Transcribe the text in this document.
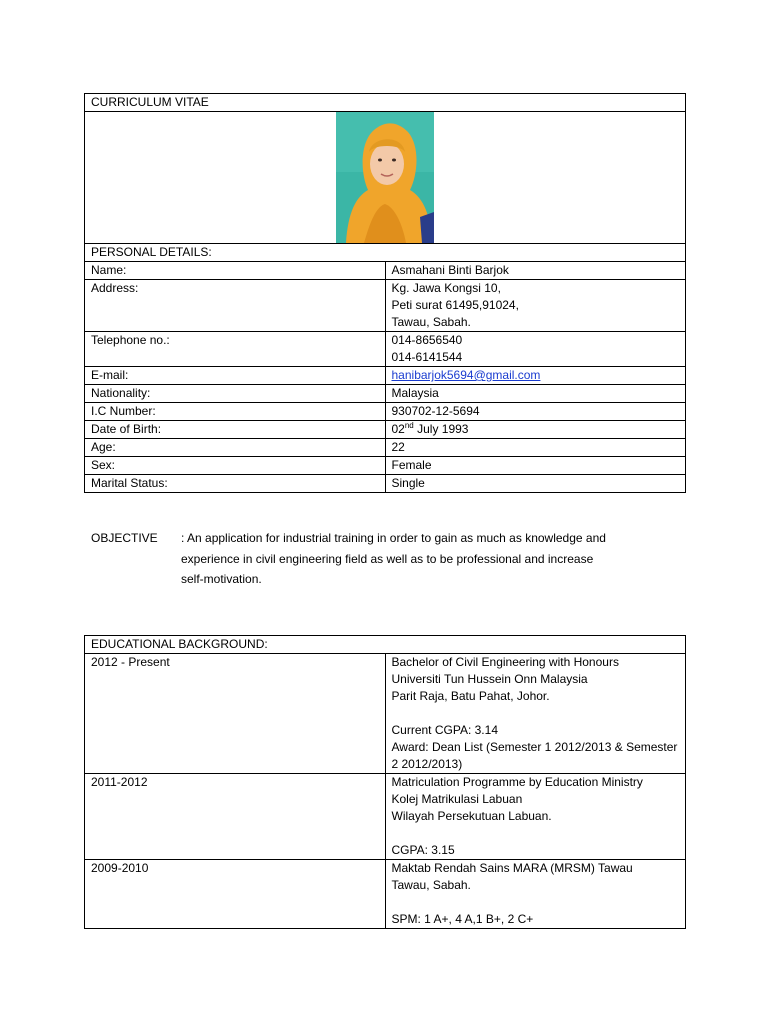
CURRICULUM VITAE	

PERSONAL DETAILS:	
Name:	Asmahani Binti Barjok
Address:	Kg. Jawa Kongsi 10,
Peti surat 61495,91024,
Tawau, Sabah.

Telephone no.:	014-8656540
014-6141544

E-mail:	hanibarjok5694@gmail.com
Nationality:	Malaysia
I.C Number:	930702-12-5694
Date of Birth:	02nd July 1993
Age:	22
Sex:	Female
Marital Status:	Single
OBJECTIVE	: An application for industrial training in order to gain as much as knowledge and
experience in civil engineering field as well as to be professional and increase
self-motivation.
EDUCATIONAL BACKGROUND:	
2012 - Present	Bachelor of Civil Engineering with Honours
Universiti Tun Hussein Onn Malaysia
Parit Raja, Batu Pahat, Johor.
Current CGPA: 3.14
Award: Dean List (Semester 1 2012/2013 & Semester 2 2012/2013)

2011-2012	Matriculation Programme by Education Ministry
Kolej Matrikulasi Labuan
Wilayah Persekutuan Labuan.
CGPA: 3.15

2009-2010	Maktab Rendah Sains MARA (MRSM) Tawau
Tawau, Sabah.
SPM: 1 A+, 4 A,1 B+, 2 C+
